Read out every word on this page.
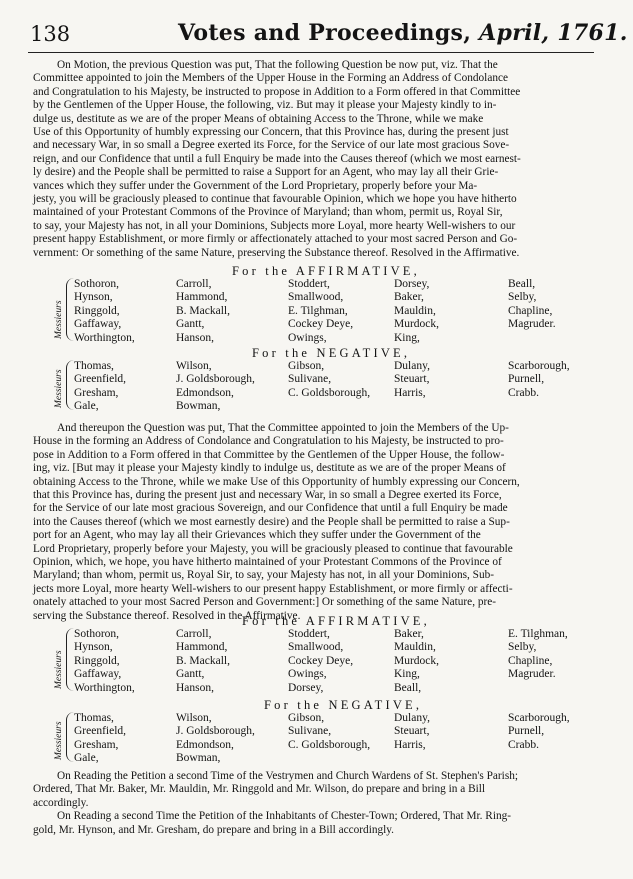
138	Votes and Proceedings, April, 1761.
On Motion, the previous Question was put, That the following Question be now put, viz. That the
Committee appointed to join the Members of the Upper House in the Forming an Address of Condolance
and Congratulation to his Majesty, be instructed to propose in Addition to a Form offered in that Committee
by the Gentlemen of the Upper House, the following, viz. But may it please your Majesty kindly to in-
dulge us, destitute as we are of the proper Means of obtaining Access to the Throne, while we make
Use of this Opportunity of humbly expressing our Concern, that this Province has, during the present just
and necessary War, in so small a Degree exerted its Force, for the Service of our late most gracious Sove-
reign, and our Confidence that until a full Enquiry be made into the Causes thereof (which we most earnest-
ly desire) and the People shall be permitted to raise a Support for an Agent, who may lay all their Grie-
vances which they suffer under the Government of the Lord Proprietary, properly before your Ma-
jesty, you will be graciously pleased to continue that favourable Opinion, which we hope you have hitherto
maintained of your Protestant Commons of the Province of Maryland; than whom, permit us, Royal Sir,
to say, your Majesty has not, in all your Dominions, Subjects more Loyal, more hearty Well-wishers to our
present happy Establishment, or more firmly or affectionately attached to your most sacred Person and Go-
vernment: Or something of the same Nature, preserving the Substance thereof. Resolved in the Affirmative.
For the AFFIRMATIVE,
Messieurs
Sothoron,
Hynson,
Ringgold,
Gaffaway,
Worthington,
Carroll,
Hammond,
B. Mackall,
Gantt,
Hanson,
Stoddert,
Smallwood,
E. Tilghman,
Cockey Deye,
Owings,
Dorsey,
Baker,
Mauldin,
Murdock,
King,
Beall,
Selby,
Chapline,
Magruder.
For the NEGATIVE,
Messieurs
Thomas,
Greenfield,
Gresham,
Gale,
Wilson,
J. Goldsborough,
Edmondson,
Bowman,
Gibson,
Sulivane,
C. Goldsborough,
Dulany,
Steuart,
Harris,
Scarborough,
Purnell,
Crabb.
And thereupon the Question was put, That the Committee appointed to join the Members of the Up-
House in the forming an Address of Condolance and Congratulation to his Majesty, be instructed to pro-
pose in Addition to a Form offered in that Committee by the Gentlemen of the Upper House, the follow-
ing, viz. [But may it please your Majesty kindly to indulge us, destitute as we are of the proper Means of
obtaining Access to the Throne, while we make Use of this Opportunity of humbly expressing our Concern,
that this Province has, during the present just and necessary War, in so small a Degree exerted its Force,
for the Service of our late most gracious Sovereign, and our Confidence that until a full Enquiry be made
into the Causes thereof (which we most earnestly desire) and the People shall be permitted to raise a Sup-
port for an Agent, who may lay all their Grievances which they suffer under the Government of the
Lord Proprietary, properly before your Majesty, you will be graciously pleased to continue that favourable
Opinion, which, we hope, you have hitherto maintained of your Protestant Commons of the Province of
Maryland; than whom, permit us, Royal Sir, to say, your Majesty has not, in all your Dominions, Sub-
jects more Loyal, more hearty Well-wishers to our present happy Establishment, or more firmly or affecti-
onately attached to your most Sacred Person and Government:] Or something of the same Nature, pre-
serving the Substance thereof. Resolved in the Affirmative.
For the AFFIRMATIVE,
Messieurs
Sothoron,
Hynson,
Ringgold,
Gaffaway,
Worthington,
Carroll,
Hammond,
B. Mackall,
Gantt,
Hanson,
Stoddert,
Smallwood,
Cockey Deye,
Owings,
Dorsey,
Baker,
Mauldin,
Murdock,
King,
Beall,
E. Tilghman,
Selby,
Chapline,
Magruder.
For the NEGATIVE,
Messieurs
Thomas,
Greenfield,
Gresham,
Gale,
Wilson,
J. Goldsborough,
Edmondson,
Bowman,
Gibson,
Sulivane,
C. Goldsborough,
Dulany,
Steuart,
Harris,
Scarborough,
Purnell,
Crabb.
On Reading the Petition a second Time of the Vestrymen and Church Wardens of St. Stephen's Parish;
Ordered, That Mr. Baker, Mr. Mauldin, Mr. Ringgold and Mr. Wilson, do prepare and bring in a Bill
accordingly.
On Reading a second Time the Petition of the Inhabitants of Chester-Town; Ordered, That Mr. Ring-
gold, Mr. Hynson, and Mr. Gresham, do prepare and bring in a Bill accordingly.
